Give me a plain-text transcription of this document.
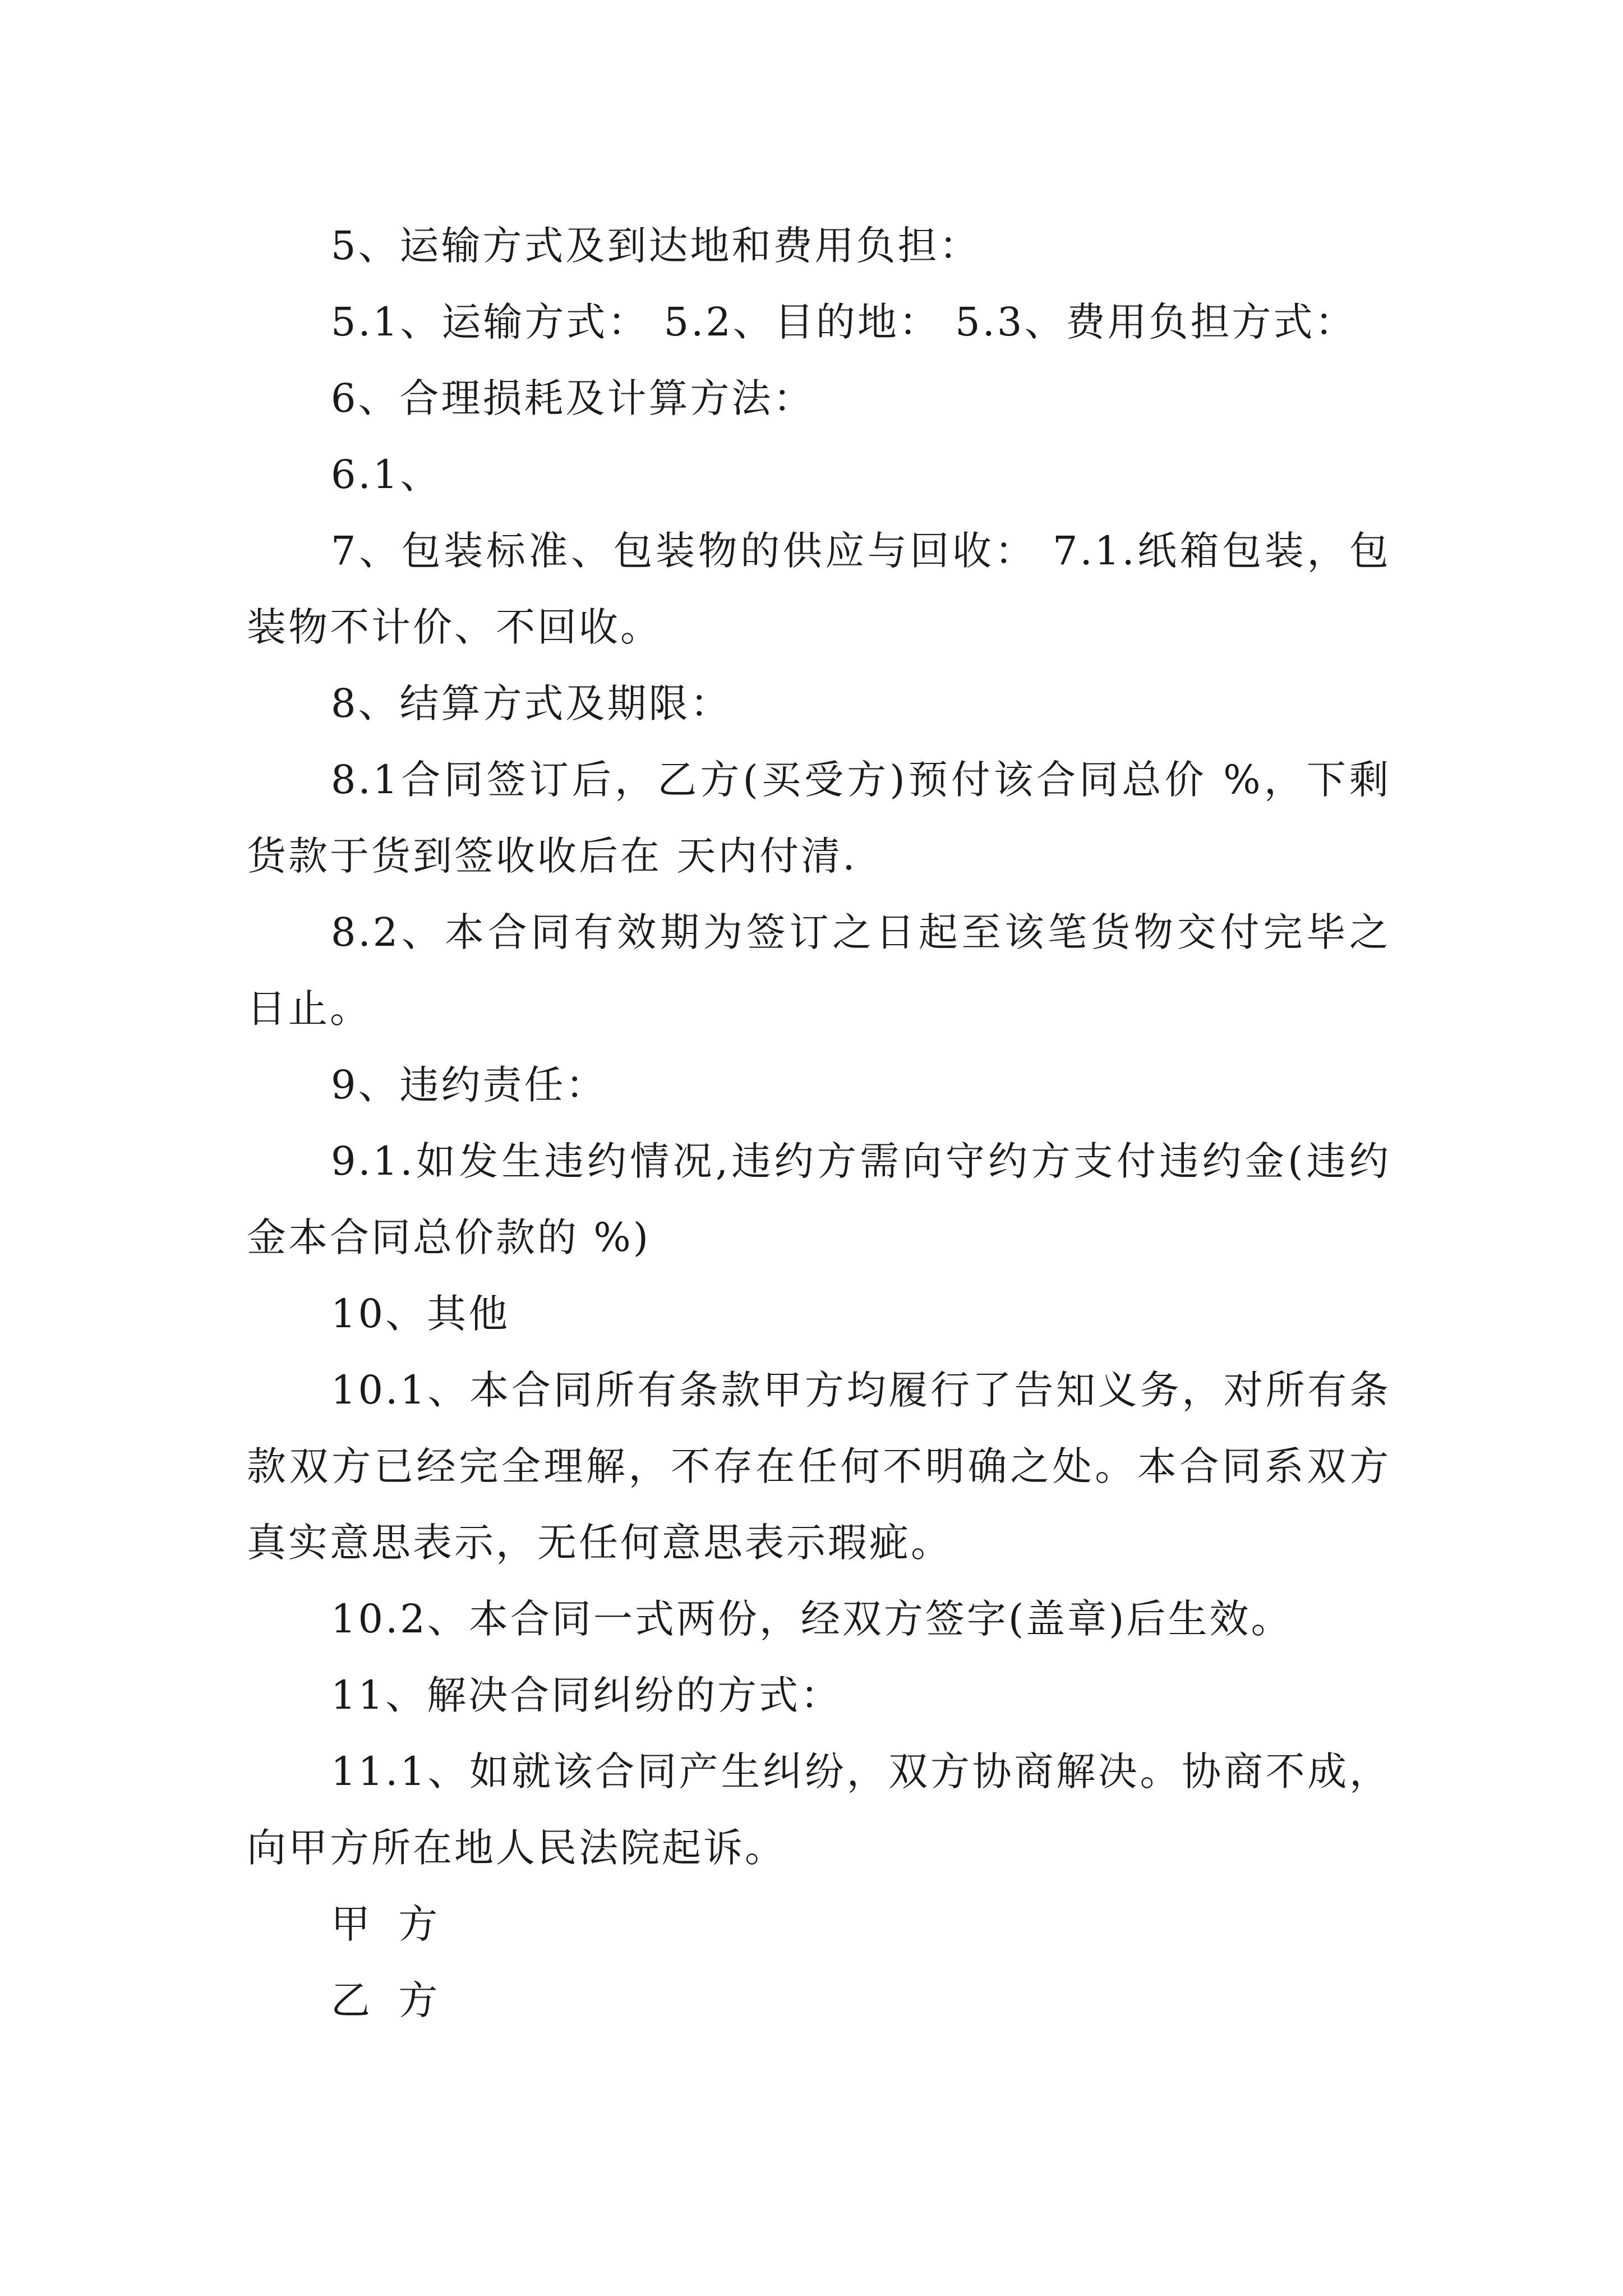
5、运输方式及到达地和费用负担：

5.1、运输方式： 5.2、目的地： 5.3、费用负担方式：

6、合理损耗及计算方法：

6.1、

7、包装标准、包装物的供应与回收： 7.1.纸箱包装，包装物不计价、不回收。

8、结算方式及期限：

8.1合同签订后，乙方(买受方)预付该合同总价 %，下剩货款于货到签收收后在 天内付清.

8.2、本合同有效期为签订之日起至该笔货物交付完毕之日止。

9、违约责任：

9.1.如发生违约情况,违约方需向守约方支付违约金(违约金本合同总价款的 %)

10、其他

10.1、本合同所有条款甲方均履行了告知义务，对所有条款双方已经完全理解，不存在任何不明确之处。本合同系双方真实意思表示，无任何意思表示瑕疵。

10.2、本合同一式两份，经双方签字(盖章)后生效。

11、解决合同纠纷的方式：

11.1、如就该合同产生纠纷，双方协商解决。协商不成，向甲方所在地人民法院起诉。

甲 方

乙 方
